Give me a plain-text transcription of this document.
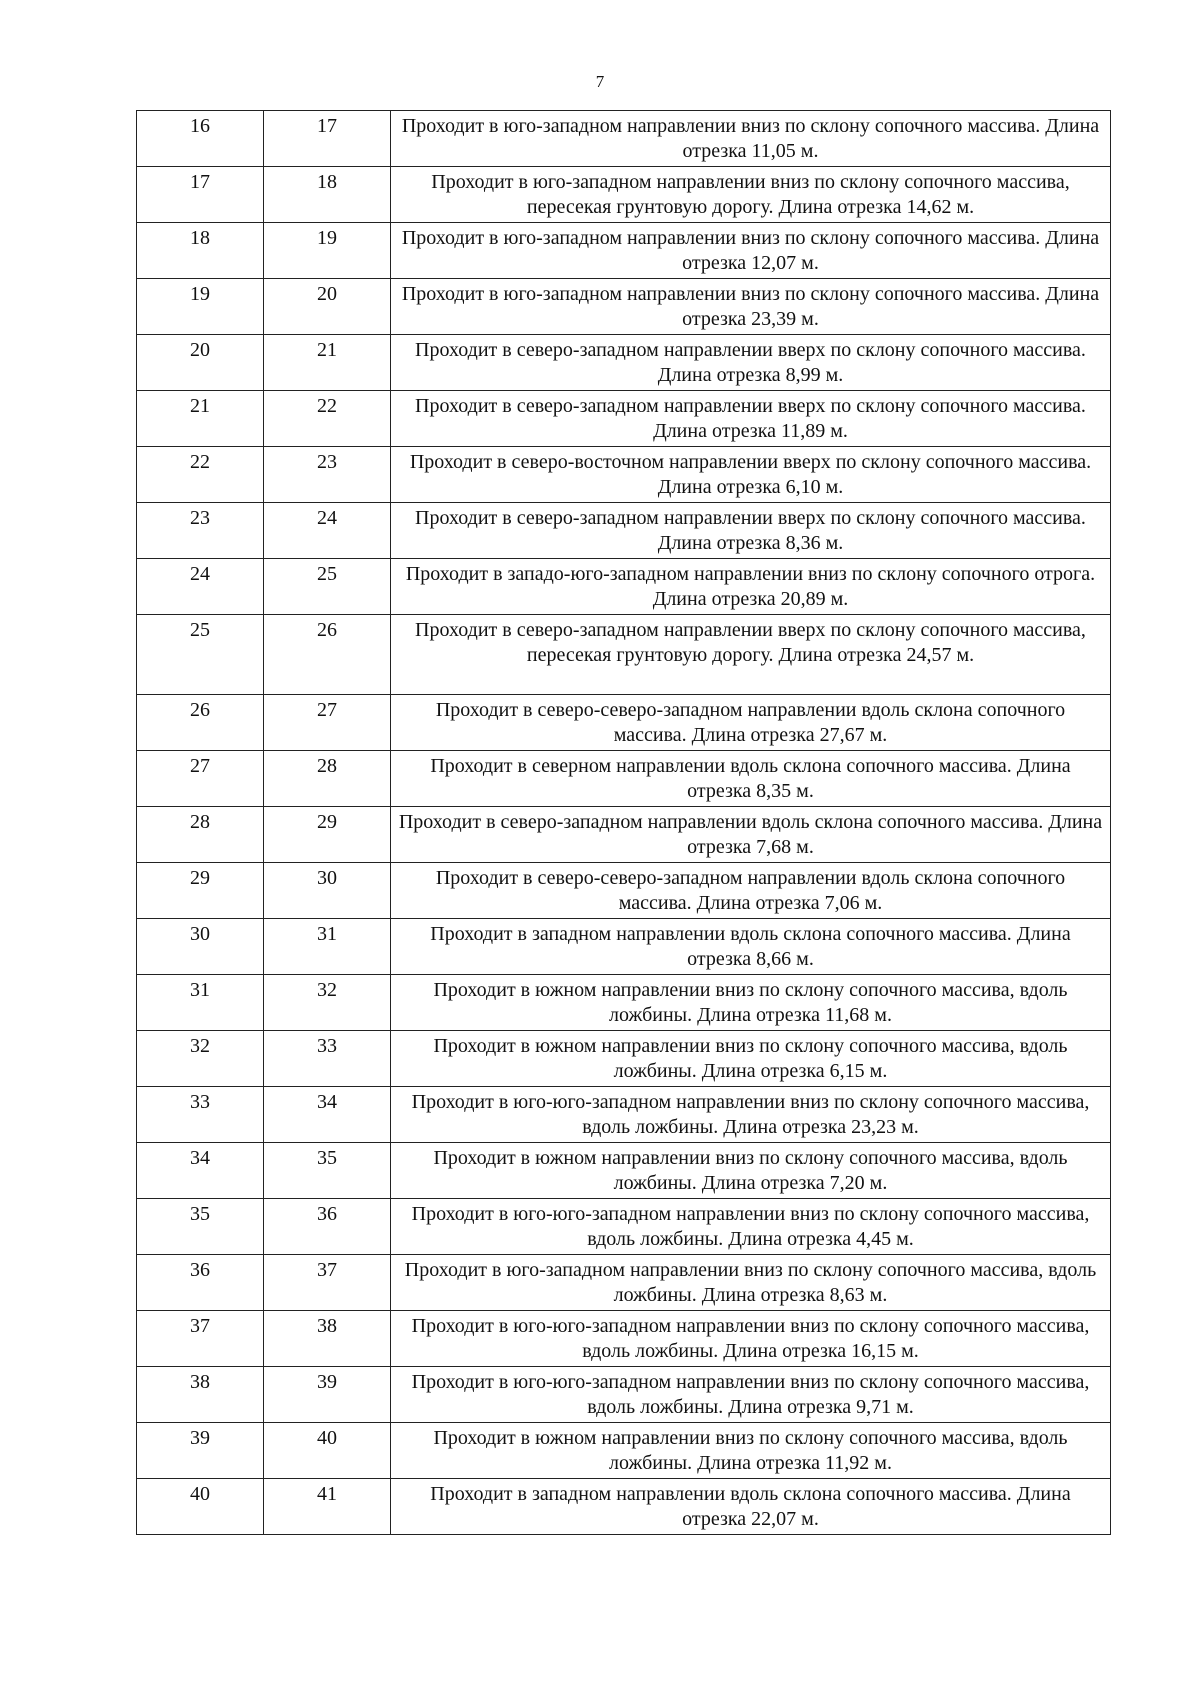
7
16	17	Проходит в юго-западном направлении вниз по склону сопочного массива. Длина отрезка 11,05 м.
17	18	Проходит в юго-западном направлении вниз по склону сопочного массива, пересекая грунтовую дорогу. Длина отрезка 14,62 м.
18	19	Проходит в юго-западном направлении вниз по склону сопочного массива. Длина отрезка 12,07 м.
19	20	Проходит в юго-западном направлении вниз по склону сопочного массива. Длина отрезка 23,39 м.
20	21	Проходит в северо-западном направлении вверх по склону сопочного массива. Длина отрезка 8,99 м.
21	22	Проходит в северо-западном направлении вверх по склону сопочного массива. Длина отрезка 11,89 м.
22	23	Проходит в северо-восточном направлении вверх по склону сопочного массива. Длина отрезка 6,10 м.
23	24	Проходит в северо-западном направлении вверх по склону сопочного массива. Длина отрезка 8,36 м.
24	25	Проходит в западо-юго-западном направлении вниз по склону сопочного отрога. Длина отрезка 20,89 м.
25	26	Проходит в северо-западном направлении вверх по склону сопочного массива, пересекая грунтовую дорогу. Длина отрезка 24,57 м.
26	27	Проходит в северо-северо-западном направлении вдоль склона сопочного массива. Длина отрезка 27,67 м.
27	28	Проходит в северном направлении вдоль склона сопочного массива. Длина отрезка 8,35 м.
28	29	Проходит в северо-западном направлении вдоль склона сопочного массива. Длина отрезка 7,68 м.
29	30	Проходит в северо-северо-западном направлении вдоль склона сопочного массива. Длина отрезка 7,06 м.
30	31	Проходит в западном направлении вдоль склона сопочного массива. Длина отрезка 8,66 м.
31	32	Проходит в южном направлении вниз по склону сопочного массива, вдоль ложбины. Длина отрезка 11,68 м.
32	33	Проходит в южном направлении вниз по склону сопочного массива, вдоль ложбины. Длина отрезка 6,15 м.
33	34	Проходит в юго-юго-западном направлении вниз по склону сопочного массива, вдоль ложбины. Длина отрезка 23,23 м.
34	35	Проходит в южном направлении вниз по склону сопочного массива, вдоль ложбины. Длина отрезка 7,20 м.
35	36	Проходит в юго-юго-западном направлении вниз по склону сопочного массива, вдоль ложбины. Длина отрезка 4,45 м.
36	37	Проходит в юго-западном направлении вниз по склону сопочного массива, вдоль ложбины. Длина отрезка 8,63 м.
37	38	Проходит в юго-юго-западном направлении вниз по склону сопочного массива, вдоль ложбины. Длина отрезка 16,15 м.
38	39	Проходит в юго-юго-западном направлении вниз по склону сопочного массива, вдоль ложбины. Длина отрезка 9,71 м.
39	40	Проходит в южном направлении вниз по склону сопочного массива, вдоль ложбины. Длина отрезка 11,92 м.
40	41	Проходит в западном направлении вдоль склона сопочного массива. Длина отрезка 22,07 м.
